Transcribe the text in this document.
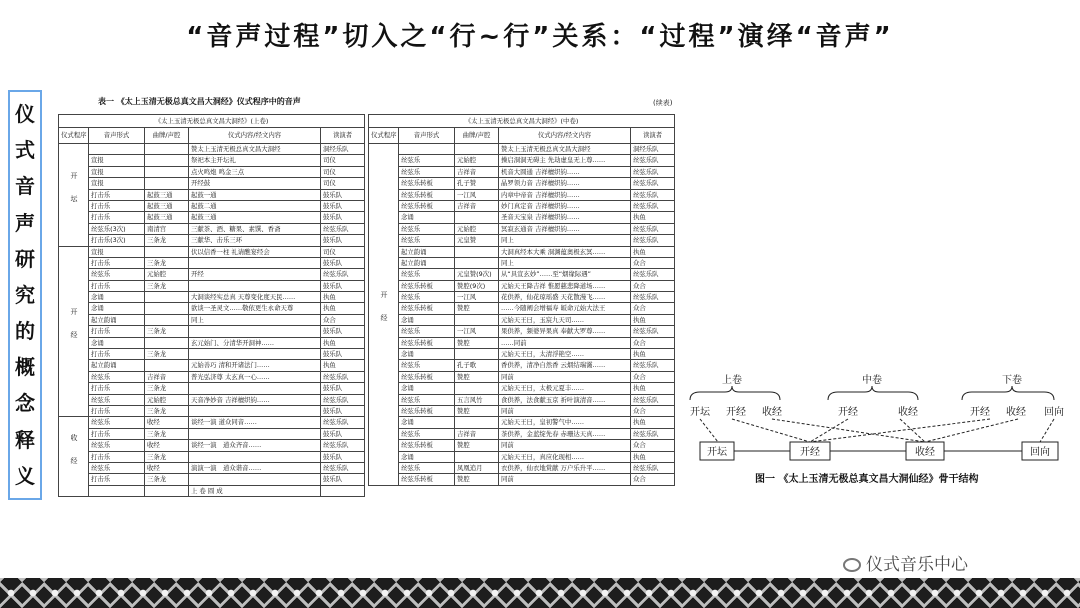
“音声过程”切入之“行~行”关系：“过程”演绎“音声”
仪
式
音
声
研
究
的
概
念
释
义
表一 《太上玉清无极总真文昌大洞经》仪式程序中的音声
《太上玉清无极总真文昌大洞经》(上卷)				
仪式程序	音声形式	曲牌/声腔	仪式内容/经文内容	读演者
开坛			赞太上玉清无极总真文昌大洞经	洞经乐队
	宣报		祭祀本主开坛礼	司仪
	宣报		点火鸣炮 鸣金三点	司仪
	宣报		开经鼓	司仪
	打击乐	起鼓三通	起鼓一通	鼓乐队
	打击乐	起鼓三通	起鼓二通	鼓乐队
	打击乐	起鼓三通	起鼓三通	鼓乐队
	丝弦乐(3次)	南清宫	三献茶、酒、糖果、素馔、香斋	丝弦乐队
	打击乐(3次)	三条龙	三献华、击乐三环	鼓乐队
开经	宣报		伏以信香一柱 礼请醮宴经会	司仪
	打击乐	三条龙		鼓乐队
	丝弦乐	元始腔	开经	丝弦乐队
	打击乐	三条龙		鼓乐队
	念诵		大洞谈经实总真 天尊变化度天民……	执鱼
	念诵		欲谈一圣灵文……敬依更生永命天尊	执鱼
	起立韵诵		同上	众合
	打击乐	三条龙		鼓乐队
	念诵		玄元始门、分清华开洞神……	执鱼
	打击乐	三条龙		鼓乐队
	起立韵诵		元始善巧 清和开诸法门……	执鱼
	丝弦乐	吉祥音	普光弘济尊 太玄真一心……	丝弦乐队
	打击乐	三条龙		鼓乐队
	丝弦乐	元始腔	天音净妙音 吉祥檀织钧……	丝弦乐队
	打击乐	三条龙		鼓乐队
收经	丝弦乐	收经	谈经一演 道众同音……	丝弦乐队
	打击乐	三条龙		鼓乐队
	丝弦乐	收经	谈经一演　道众齐音……	丝弦乐队
	打击乐	三条龙		鼓乐队
	丝弦乐	收经	演演一演　道众谐音……	丝弦乐队
	打击乐	三条龙		鼓乐队
			上 卷 圆 成	
(续表)
《太上玉清无极总真文昌大洞经》(中卷)				
仪式程序	音声形式	曲牌/声腔	仪式内容/经文内容	读演者
开经			赞太上玉清无极总真文昌大洞经	洞经乐队
	丝弦乐	元始腔	操启洞洞无碍主 先劫虚皇无上尊……	丝弦乐队
	丝弦乐	吉祥音	机音大圆通 吉祥檀织钧……	丝弦乐队
	丝弦乐转板	孔子赞	晶罗领力音 吉祥檀织钧……	丝弦乐队
	丝弦乐转板	一江风	内章中帝音 吉祥檀织钧……	丝弦乐队
	丝弦乐转板	吉祥音	妙门真定音 吉祥檀织钧……	丝弦乐队
	念诵		圣音天宝泉 吉祥檀织钧……	执鱼
	丝弦乐	元始腔	冥寂玄通音 吉祥檀织钧……	丝弦乐队
	丝弦乐	元皇赞	同上	丝弦乐队
	起立韵诵		大洞真经本大乘 洞渊蕴奥极玄冥……	执鱼
	起立韵诵		同上	众合
	丝弦乐	元皇赞(9次)	从“具宣玄妙”……至“烟缘际遇”	丝弦乐队
	丝弦乐转板	赞腔(9次)	元始天王降吉祥 惟愿慈悲降道场……	众合
	丝弦乐	一江风	花供养，仙花琼瑶盛 天花散漫飞……	丝弦乐队
	丝弦乐转板	赞腔	……今随阐会增福寿 皈命元始大法王	众合
	念诵		元始天王曰，玉宸九天司……	执鱼
	丝弦乐	一江风	果供养，频婆异果真 奉献大罗尊……	丝弦乐队
	丝弦乐转板	赞腔	……同前	众合
	念诵		元始天王曰，太清浮艳空……	执鱼
	丝弦乐	孔子歌	香供养，清净自然香 云烟结瑞霭……	丝弦乐队
	丝弦乐转板	赞腔	同前	众合
	念诵		元始天王曰，太极元夏丰……	执鱼
	丝弦乐	五言风竹	食供养，法食献玉京 祈叶演清音……	丝弦乐队
	丝弦乐转板	赞腔	同前	众合
	念诵		元始天王曰，皇初警气中……	执鱼
	丝弦乐	吉祥音	茶供养，金蓝绽先春 赤珊达天真……	丝弦乐队
	丝弦乐转板	赞腔	同前	众合
	念诵		元始天王曰，真应化现相……	执鱼
	丝弦乐	凤凰追月	衣供养，仙衣地赏献 万户乐升平……	丝弦乐队
	丝弦乐转板	赞腔	同前	众合
上卷	中卷	下卷
开坛 开经 收经	开经	收经	开经 收经 回向
开坛	开经	收经	回向
图一 《太上玉清无极总真文昌大洞仙经》骨干结构
仪式音乐中心
